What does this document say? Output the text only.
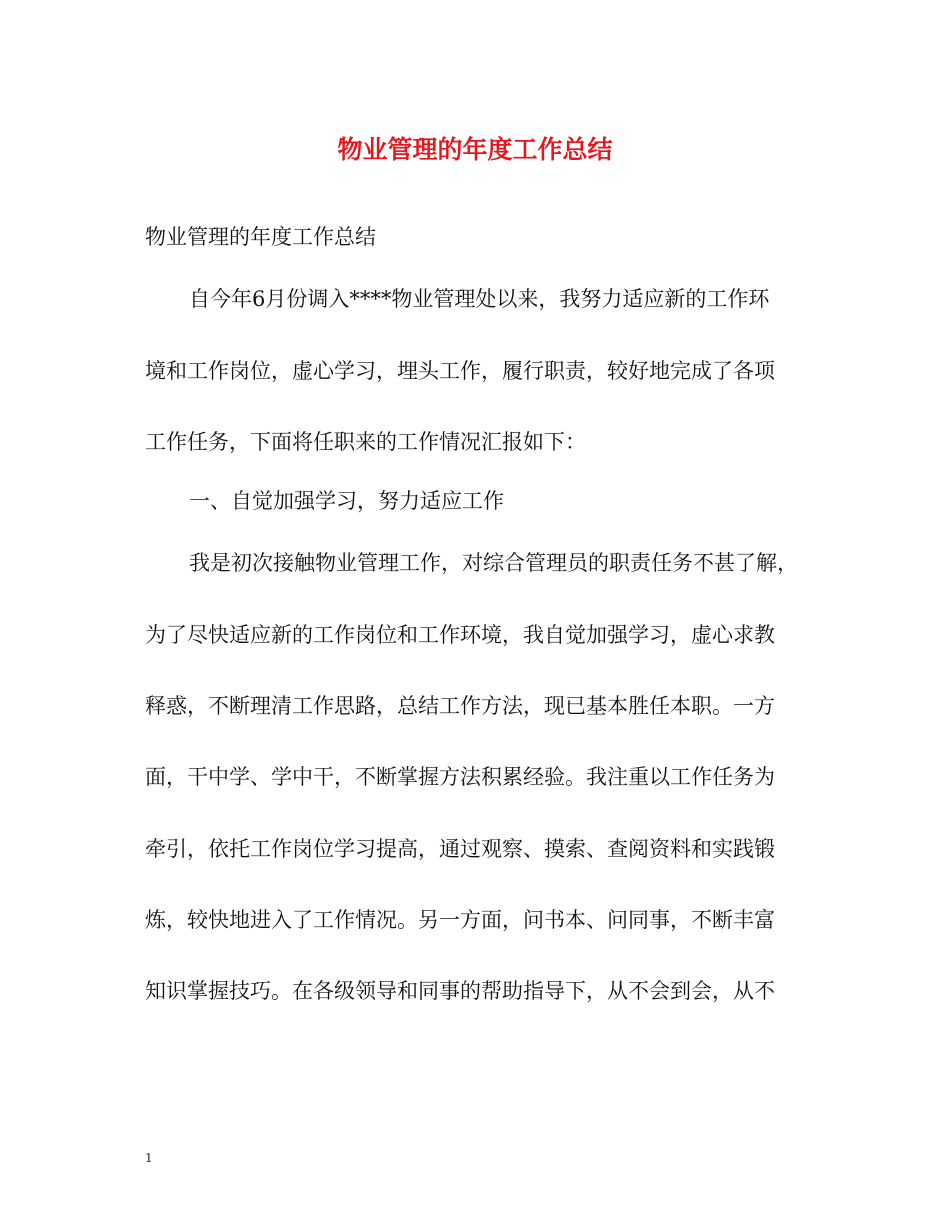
物业管理的年度工作总结
物业管理的年度工作总结
自今年6月份调入****物业管理处以来，我努力适应新的工作环
境和工作岗位，虚心学习，埋头工作，履行职责，较好地完成了各项
工作任务，下面将任职来的工作情况汇报如下：
一、自觉加强学习，努力适应工作
我是初次接触物业管理工作，对综合管理员的职责任务不甚了解，
为了尽快适应新的工作岗位和工作环境，我自觉加强学习，虚心求教
释惑，不断理清工作思路，总结工作方法，现已基本胜任本职。一方
面，干中学、学中干，不断掌握方法积累经验。我注重以工作任务为
牵引，依托工作岗位学习提高，通过观察、摸索、查阅资料和实践锻
炼，较快地进入了工作情况。另一方面，问书本、问同事，不断丰富
知识掌握技巧。在各级领导和同事的帮助指导下，从不会到会，从不
1
